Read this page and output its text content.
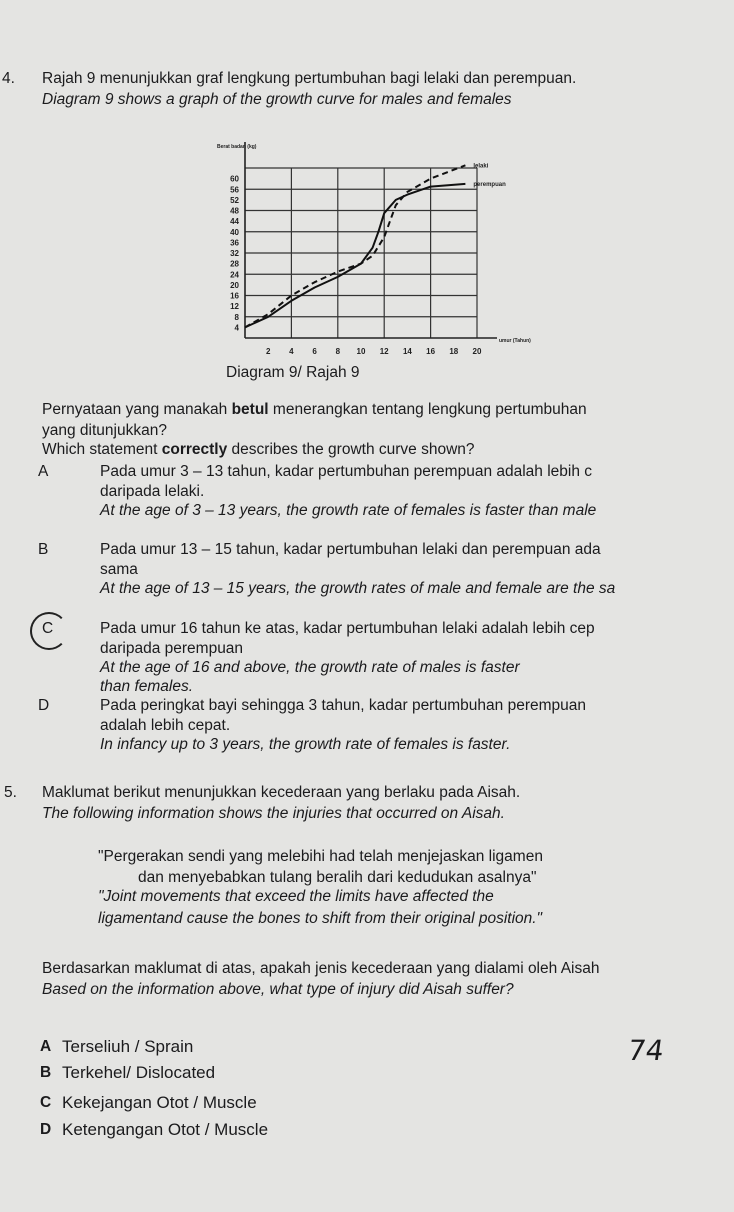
4. Rajah 9 menunjukkan graf lengkung pertumbuhan bagi lelaki dan perempuan.
Diagram 9 shows a graph of the growth curve for males and females
2 4 6 8 10 12 14 16 18 20
4
8
12
16
20
24
28
32
36
40
44
48
52
56
60
Berat badan (kg)
umur (Tahun)
lelaki
perempuan
Diagram 9/ Rajah 9
Pernyataan yang manakah betul menerangkan tentang lengkung pertumbuhan
yang ditunjukkan?
Which statement correctly describes the growth curve shown?
A	Pada umur 3 – 13 tahun, kadar pertumbuhan perempuan adalah lebih c
daripada lelaki.
At the age of 3 – 13 years, the growth rate of females is faster than male
B	Pada umur 13 – 15 tahun, kadar pertumbuhan lelaki dan perempuan ada
sama
At the age of 13 – 15 years, the growth rates of male and female are the sa
C	Pada umur 16 tahun ke atas, kadar pertumbuhan lelaki adalah lebih cep
daripada perempuan
At the age of 16 and above, the growth rate of males is faster
than females.
D	Pada peringkat bayi sehingga 3 tahun, kadar pertumbuhan perempuan
adalah lebih cepat.
In infancy up to 3 years, the growth rate of females is faster.
5. Maklumat berikut menunjukkan kecederaan yang berlaku pada Aisah.
The following information shows the injuries that occurred on Aisah.
"Pergerakan sendi yang melebihi had telah menjejaskan ligamen
dan menyebabkan tulang beralih dari kedudukan asalnya"
"Joint movements that exceed the limits have affected the
ligamentand cause the bones to shift from their original position."
Berdasarkan maklumat di atas, apakah jenis kecederaan yang dialami oleh Aisah
Based on the information above, what type of injury did Aisah suffer?
A Terseliuh / Sprain
B Terkehel/ Dislocated
C Kekejangan Otot / Muscle
D Ketengangan Otot / Muscle
74
